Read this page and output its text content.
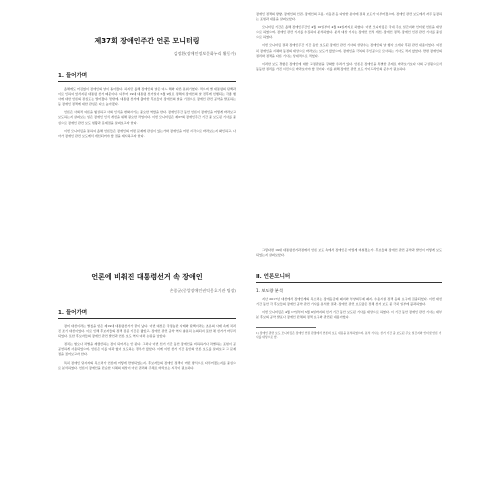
제37회 장애인주간 언론 모니터링
김정환(장애인정보문화누리 활동가)
1. 들어가며

올해에도 어김없이 장애인의 날이 돌아왔다. 하지만 올해 장애인의 날은 여느 해와 다른 분위기였다. 먹으며 별 대통령의 탄핵과 이로 인하여 앞서지된 대통령 선거 때문이다. 다투어 19대 대통령 선거일이 5월 9일로 정해져 장애인의 날 전후에 선행되는 각종 행사에 대한 언론의 관심도는 떨어졌다. 반면에, 대통령 선거에 출마한 후보들이 장애인의 날을 기점으로 장애인 관련 공약을 발표하는 등 장애인 정책에 대한 관심은 다소 높아졌다.

언론은 사회적 여론을 형성하고 사회 인식을 변화시키는 중요한 역할을 한다. 장애인주간 동안 언론이 장애인을 어떻게 바라보고 보도하는지 살펴보는 일은 장애인 인식 개선을 위해 필요한 작업이다. 이번 모니터링은 제37회 장애인주간 기간 중 보도된 기사를 중심으로 장애인 관련 보도 현황과 문제점을 살펴보고자 한다.

이번 모니터링을 통하여 올해 언론들은 장애인의 어떤 문제에 관심이 있는가와 장애인을 어떤 시각으로 바라보는지 확인하고, 나아가 장애인 관련 보도에서 개선되어야 할 점을 제시하고자 한다.

언론에 비춰진 대통령선거 속 장애인
손종균(중앙장애인권익옹호기관 팀장)
1. 들어가며

장미 대선이라는 별칭을 얻은 제19대 대통령선거가 끝이 났다. 이번 대선은 국정농단 사태와 탄핵이라는 초유의 사태 속에 치러진 조기 대선이었다. 이로 인해 후보자들의 정책 검증 기간은 짧았고, 장애인 관련 공약 역시 충분히 논의되지 못한 채 선거가 마무리되었다. 또한 후보자들의 장애인 관련 발언과 언론 보도 역시 여러 논란을 낳았다.

정치는 혐오나 차별을 재생산하는 장이 되어서는 안 된다. 그러나 이번 선거 기간 동안 장애인을 비하하거나 차별하는 표현이 공공연하게 사용되었으며, 언론은 이를 여과 없이 보도하는 경우가 많았다. 이에 이번 선거 기간 동안의 언론 보도를 살펴보고 그 문제점을 짚어보고자 한다.

특히 장애인 당사자의 목소리가 언론에 어떻게 반영되었는지, 후보자들의 장애인 정책이 어떤 방식으로 다루어졌는지를 중심으로 분석하였다. 언론이 장애인을 단순한 시혜의 대상이 아닌 권리의 주체로 바라보는 시각이 필요하다.

장애인 정책의 방향, 장애인의 인권, 장애인의 고용, 이동권 등 다양한 분야에 걸쳐 보도가 이루어졌으며, 장애인 관련 보도에서 자주 등장하는 표현과 내용을 살펴보았다.

모니터링 기간은 올해 장애인주간인 4월 10일부터 4월 24일까지로 하였다. 이번 모니터링은 국내 주요 일간지와 인터넷 언론을 대상으로 하였으며, 장애인 관련 기사를 수집하여 분석하였다. 분석 대상 기사는 장애인 인식 개선, 장애인 정책, 장애인 인권 관련 기사를 중심으로 하였다.

이번 모니터링 결과 장애인주간 기간 동안 보도된 장애인 관련 기사의 상당수는 장애인의 날 행사 소개나 후원 관련 내용이었다. 여전히 장애인을 시혜와 동정의 대상으로 바라보는 보도가 많았으며, 장애인을 극복의 주인공으로 묘사하는 기사도 적지 않았다. 반면 장애인의 권리와 정책을 다룬 기사는 상대적으로 적었다.

이러한 보도 경향은 장애인에 대한 고정관념을 강화할 우려가 있다. 언론은 장애인을 특별한 존재로 바라보기보다 사회 구성원으로서 동등한 권리를 가진 시민으로 바라보아야 할 것이다. 이를 위해 장애인 관련 보도 가이드라인의 준수가 필요하다.

그렇다면 19대 대통령선거과정에서 언론 보도 속에서 장애인은 어떻게 비춰졌는가. 후보들의 장애인 관련 공약과 발언이 어떻게 보도되었는지 살펴보았다.

Ⅱ. 언론모니터
1. 보도량 분석

지난 2017년 대선에서 장애인계의 목소리는 장애등급제 폐지와 부양의무제 폐지, 수용시설 정책 등의 요구에 집중되었다. 이번 대선 기간 동안 각 후보들의 장애인 공약 관련 기사를 분석한 결과, 장애인 관련 보도량은 전체 선거 보도 중 극히 일부에 불과하였다.

이번 모니터링은 4월 17일부터 5월 9일까지의 선거 기간 동안 보도된 기사를 대상으로 하였다. 이 기간 동안 장애인 관련 기사는 대부분 후보의 공약 발표나 장애인 단체의 정책 요구와 관련된 내용이었다.

1) 장애인 관련 보도 모니터링은 장애인 인권 관점에서 언론의 보도 내용을 분석하였으며, 분석 기사는 선거 기간 중 보도된 주요 일간지와 인터넷 언론 기사를 대상으로 함.
